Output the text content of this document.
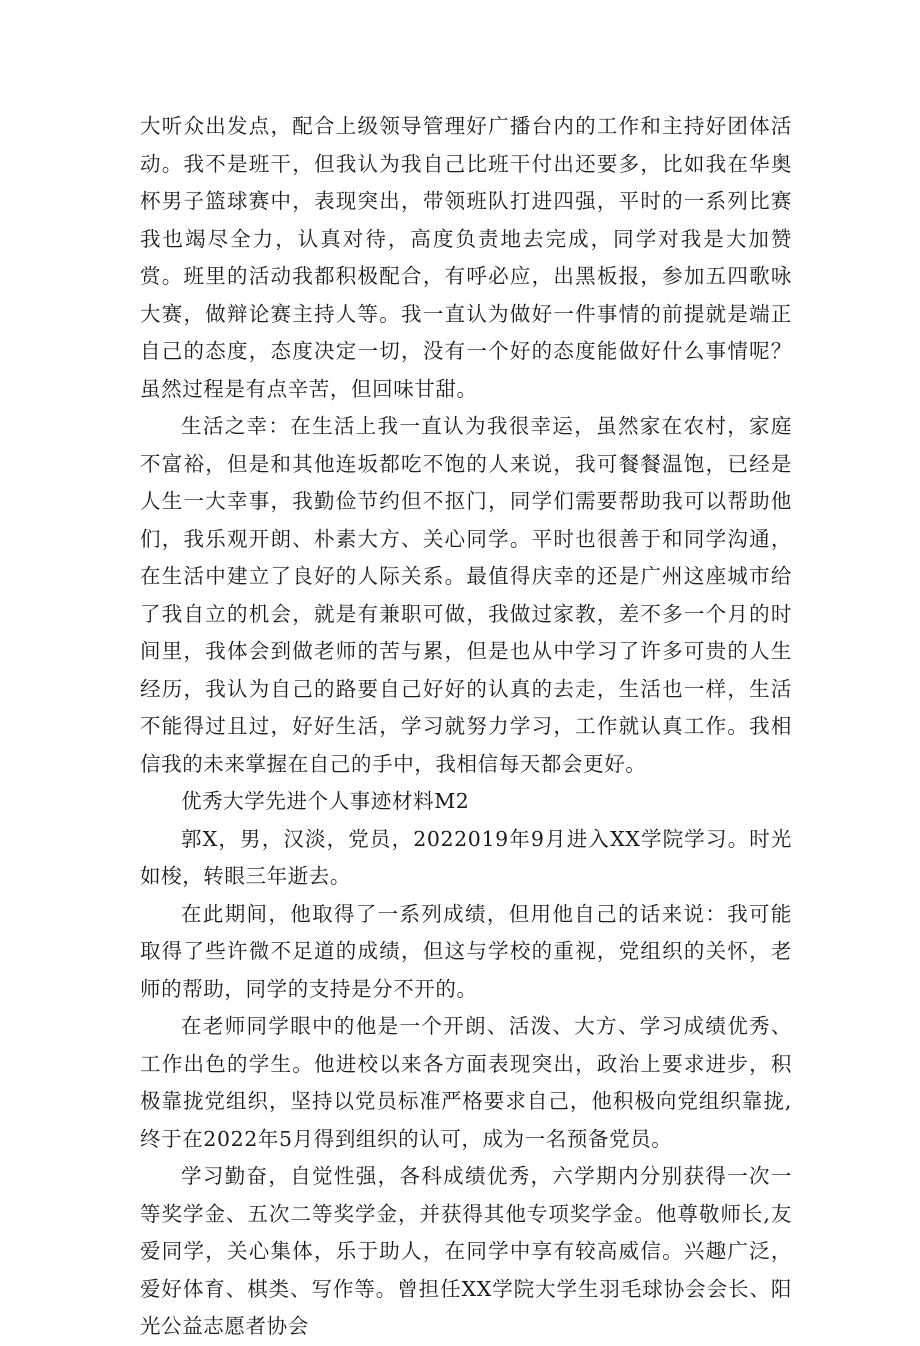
大听众出发点，配合上级领导管理好广播台内的工作和主持好团体活动。我不是班干，但我认为我自己比班干付出还要多，比如我在华奥杯男子篮球赛中，表现突出，带领班队打进四强，平时的一系列比赛我也竭尽全力，认真对待，高度负责地去完成，同学对我是大加赞赏。班里的活动我都积极配合，有呼必应，出黑板报，参加五四歌咏大赛，做辩论赛主持人等。我一直认为做好一件事情的前提就是端正自己的态度，态度决定一切，没有一个好的态度能做好什么事情呢？虽然过程是有点辛苦，但回味甘甜。

生活之幸：在生活上我一直认为我很幸运，虽然家在农村，家庭不富裕，但是和其他连坂都吃不饱的人来说，我可餐餐温饱，已经是人生一大幸事，我勤俭节约但不抠门，同学们需要帮助我可以帮助他们，我乐观开朗、朴素大方、关心同学。平时也很善于和同学沟通，在生活中建立了良好的人际关系。最值得庆幸的还是广州这座城市给了我自立的机会，就是有兼职可做，我做过家教，差不多一个月的时间里，我体会到做老师的苦与累，但是也从中学习了许多可贵的人生经历，我认为自己的路要自己好好的认真的去走，生活也一样，生活不能得过且过，好好生活，学习就努力学习，工作就认真工作。我相信我的未来掌握在自己的手中，我相信每天都会更好。

优秀大学先进个人事迹材料M2

郭X，男，汉淡，党员，2022019年9月进入XX学院学习。时光如梭，转眼三年逝去。

在此期间，他取得了一系列成绩，但用他自己的话来说：我可能取得了些许微不足道的成绩，但这与学校的重视，党组织的关怀，老师的帮助，同学的支持是分不开的。

在老师同学眼中的他是一个开朗、活泼、大方、学习成绩优秀、工作出色的学生。他进校以来各方面表现突出，政治上要求进步，积极靠拢党组织，坚持以党员标准严格要求自己，他积极向党组织靠拢,终于在2022年5月得到组织的认可，成为一名预备党员。

学习勤奋，自觉性强，各科成绩优秀，六学期内分别获得一次一等奖学金、五次二等奖学金，并获得其他专项奖学金。他尊敬师长,友爱同学，关心集体，乐于助人，在同学中享有较高威信。兴趣广泛，爱好体育、棋类、写作等。曾担任XX学院大学生羽毛球协会会长、阳光公益志愿者协会
